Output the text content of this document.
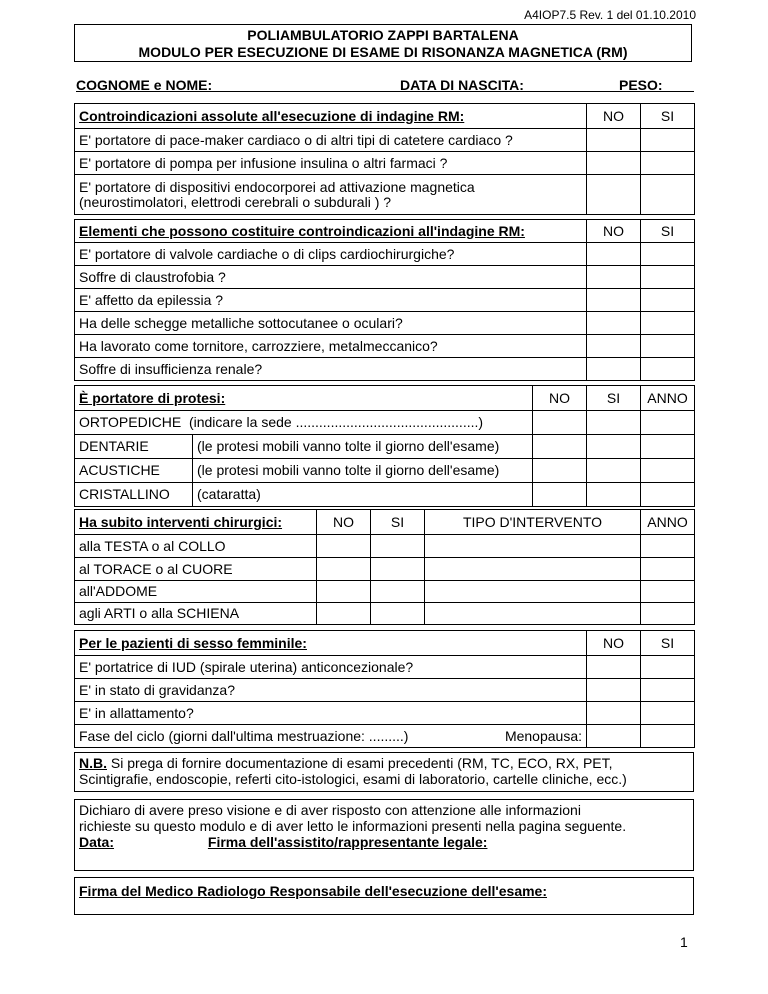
A4IOP7.5 Rev. 1 del 01.10.2010
POLIAMBULATORIO ZAPPI BARTALENA
MODULO PER ESECUZIONE DI ESAME DI RISONANZA MAGNETICA (RM)
COGNOME e NOME:	DATA DI NASCITA:	PESO:
Controindicazioni assolute all'esecuzione di indagine RM:	NO	SI
E' portatore di pace-maker cardiaco o di altri tipi di catetere cardiaco ?		
E' portatore di pompa per infusione insulina o altri farmaci ?		

E' portatore di dispositivi endocorporei ad attivazione magnetica
(neurostimolatori, elettrodi cerebrali o subdurali ) ?		

Elementi che possono costituire controindicazioni all'indagine RM:	NO	SI
E' portatore di valvole cardiache o di clips cardiochirurgiche?		
Soffre di claustrofobia ?		
E' affetto da epilessia ?		
Ha delle schegge metalliche sottocutanee o oculari?		
Ha lavorato come tornitore, carrozziere, metalmeccanico?		
Soffre di insufficienza renale?		
È portatore di protesi:		NO	SI	ANNO
ORTOPEDICHE (indicare la sede ...............................................)				
DENTARIE	(le protesi mobili vanno tolte il giorno dell'esame)			
ACUSTICHE	(le protesi mobili vanno tolte il giorno dell'esame)			
CRISTALLINO	(cataratta)			
Ha subito interventi chirurgici:	NO	SI	TIPO D'INTERVENTO	ANNO
alla TESTA o al COLLO				
al TORACE o al CUORE				
all'ADDOME				
agli ARTI o alla SCHIENA				
Per le pazienti di sesso femminile:	NO	SI
E' portatrice di IUD (spirale uterina) anticoncezionale?		
E' in stato di gravidanza?		
E' in allattamento?		
Fase del ciclo (giorni dall'ultima mestruazione: .........) Menopausa:		

N.B. Si prega di fornire documentazione di esami precedenti (RM, TC, ECO, RX, PET,
Scintigrafie, endoscopie, referti cito-istologici, esami di laboratorio, cartelle cliniche, ecc.)
Dichiaro di avere preso visione e di aver risposto con attenzione alle informazioni
richieste su questo modulo e di aver letto le informazioni presenti nella pagina seguente.
Data:	Firma dell'assistito/rappresentante legale:
Firma del Medico Radiologo Responsabile dell'esecuzione dell'esame:
1
